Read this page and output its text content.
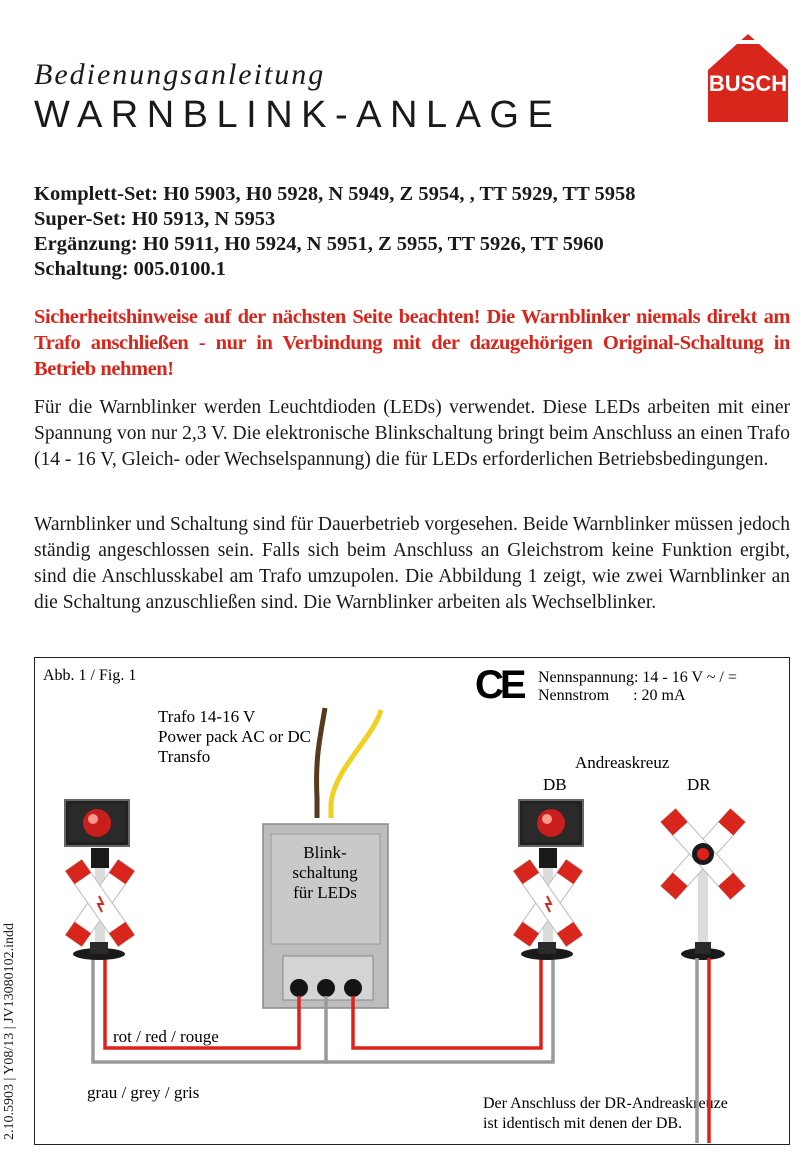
Bedienungsanleitung
WARNBLINK-ANLAGE
BUSCH
Komplett-Set: H0 5903, H0 5928, N 5949, Z 5954, , TT 5929, TT 5958
Super-Set: H0 5913, N 5953
Ergänzung: H0 5911, H0 5924, N 5951, Z 5955, TT 5926, TT 5960
Schaltung: 005.0100.1
Sicherheitshinweise auf der nächsten Seite beachten! Die Warnblinker niemals direkt am Trafo anschließen - nur in Verbindung mit der dazugehörigen Original-Schaltung in Betrieb nehmen!
Für die Warnblinker werden Leuchtdioden (LEDs) verwendet. Diese LEDs arbeiten mit einer Spannung von nur 2,3 V. Die elektronische Blinkschaltung bringt beim Anschluss an einen Trafo (14 - 16 V, Gleich- oder Wechselspannung) die für LEDs erforderlichen Betriebsbedingungen.
Warnblinker und Schaltung sind für Dauerbetrieb vorgesehen. Beide Warnblinker müssen jedoch ständig angeschlossen sein. Falls sich beim Anschluss an Gleichstrom keine Funktion ergibt, sind die Anschlusskabel am Trafo umzupolen. Die Abbildung 1 zeigt, wie zwei Warnblinker an die Schaltung anzuschließen sind. Die Warnblinker arbeiten als Wechselblinker.
Abb. 1 / Fig. 1	CE Nennspannung: 14 - 16 V ~ / =
Nennstrom      : 20 mA
Trafo 14-16 V
Power pack AC or DC
Transfo	Andreaskreuz
DB	DR
Blink-
schaltung
für LEDs
rot / red / rouge
grau / grey / gris
Der Anschluss der DR-Andreaskreuze
ist identisch mit denen der DB.
2.10.5903 | Y08/13 | JV13080102.indd
